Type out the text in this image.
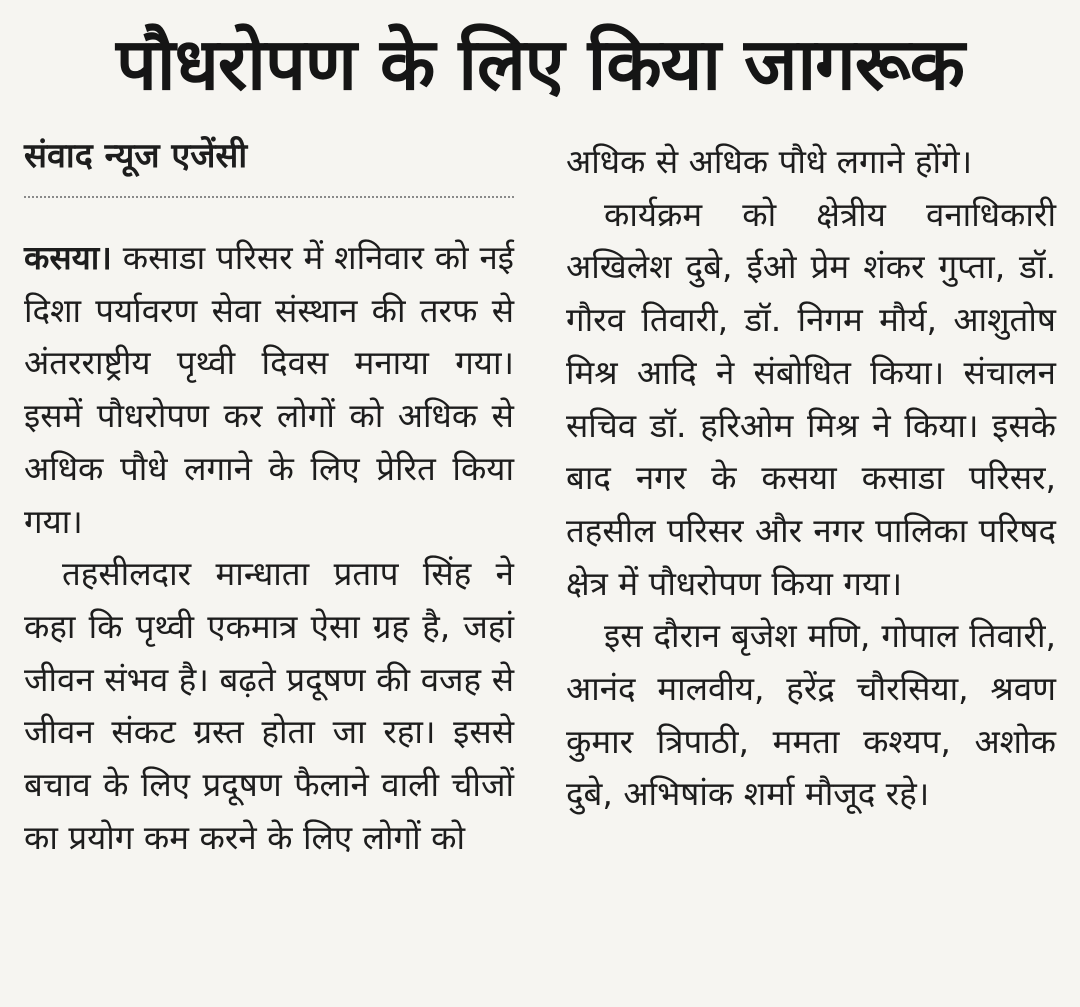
पौधरोपण के लिए किया जागरूक

संवाद न्यूज एजेंसी

कसया। कसाडा परिसर में शनिवार को नई दिशा पर्यावरण सेवा संस्थान की तरफ से अंतरराष्ट्रीय पृथ्वी दिवस मनाया गया। इसमें पौधरोपण कर लोगों को अधिक से अधिक पौधे लगाने के लिए प्रेरित किया गया।

तहसीलदार मान्धाता प्रताप सिंह ने कहा कि पृथ्वी एकमात्र ऐसा ग्रह है, जहां जीवन संभव है। बढ़ते प्रदूषण की वजह से जीवन संकट ग्रस्त होता जा रहा। इससे बचाव के लिए प्रदूषण फैलाने वाली चीजों का प्रयोग कम करने के लिए लोगों को

अधिक से अधिक पौधे लगाने होंगे।

कार्यक्रम को क्षेत्रीय वनाधिकारी अखिलेश दुबे, ईओ प्रेम शंकर गुप्ता, डॉ. गौरव तिवारी, डॉ. निगम मौर्य, आशुतोष मिश्र आदि ने संबोधित किया। संचालन सचिव डॉ. हरिओम मिश्र ने किया। इसके बाद नगर के कसया कसाडा परिसर, तहसील परिसर और नगर पालिका परिषद क्षेत्र में पौधरोपण किया गया।

इस दौरान बृजेश मणि, गोपाल तिवारी, आनंद मालवीय, हरेंद्र चौरसिया, श्रवण कुमार त्रिपाठी, ममता कश्यप, अशोक दुबे, अभिषांक शर्मा मौजूद रहे।
